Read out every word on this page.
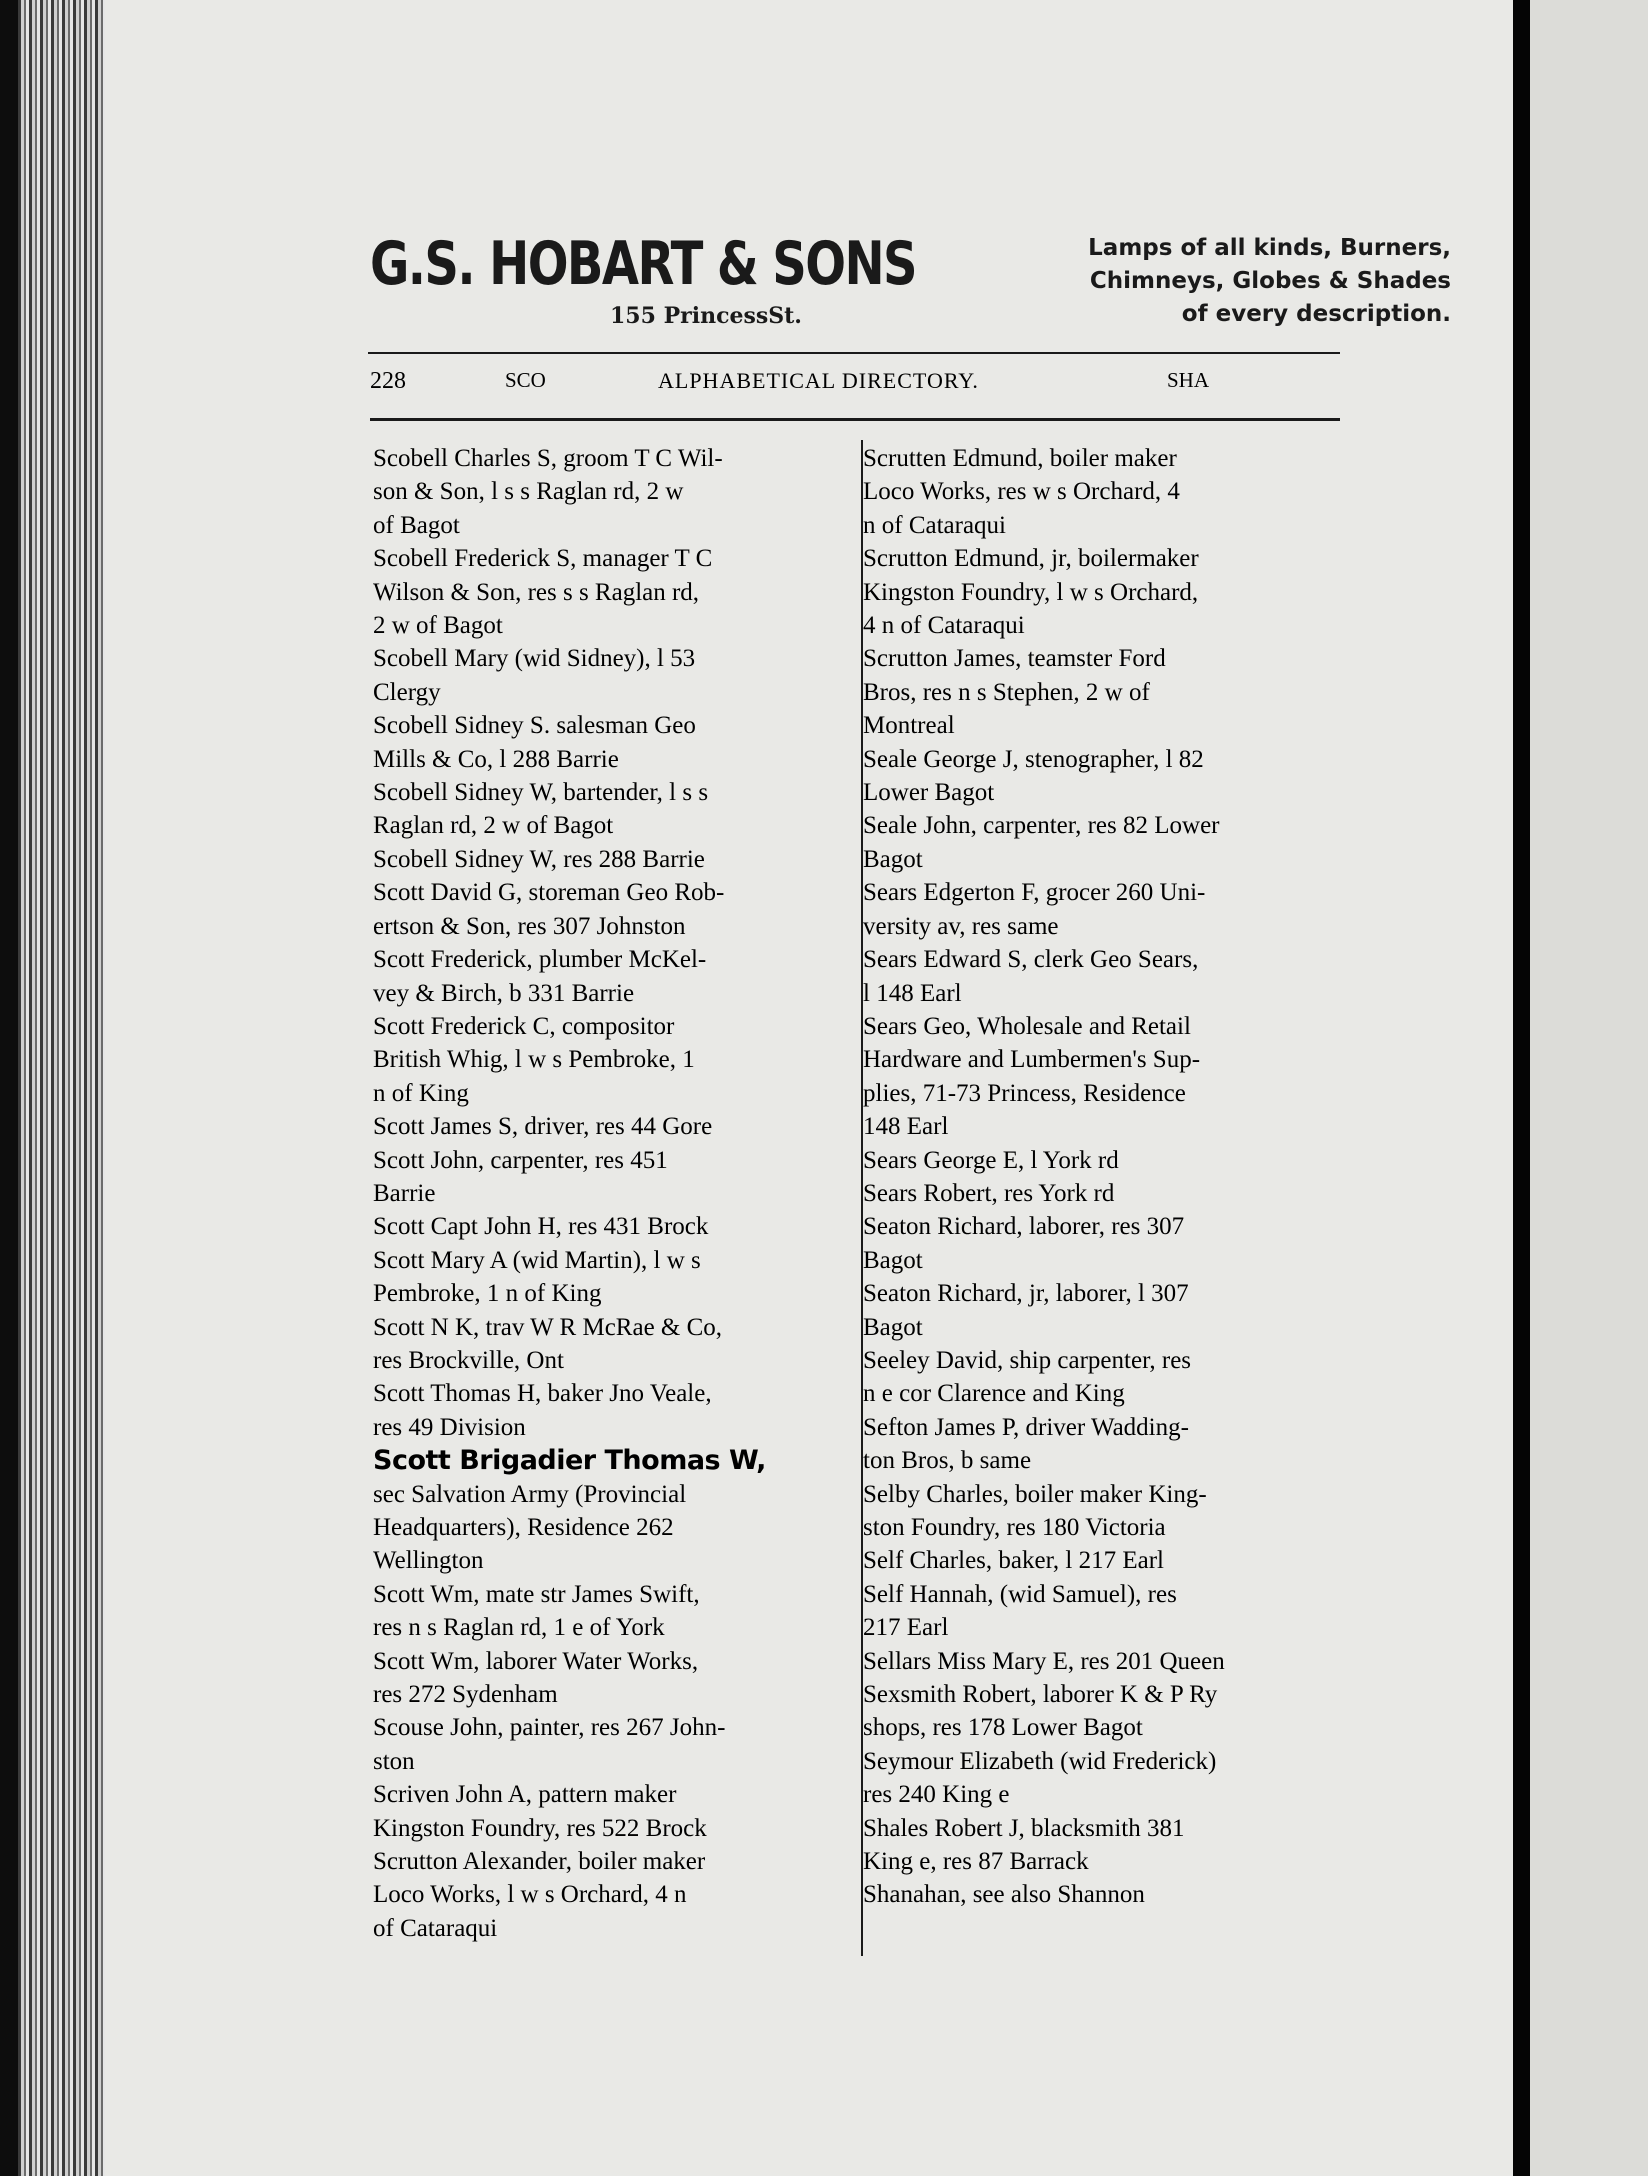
G.S. HOBART & SONS
155 PrincessSt.
Lamps of all kinds, Burners,
Chimneys, Globes & Shades
of every description.
228	SCO	ALPHABETICAL DIRECTORY.	SHA
Scobell Charles S, groom T C Wil-
son & Son, l s s Raglan rd, 2 w
of Bagot
Scobell Frederick S, manager T C
Wilson & Son, res s s Raglan rd,
2 w of Bagot
Scobell Mary (wid Sidney), l 53
Clergy
Scobell Sidney S. salesman Geo
Mills & Co, l 288 Barrie
Scobell Sidney W, bartender, l s s
Raglan rd, 2 w of Bagot
Scobell Sidney W, res 288 Barrie
Scott David G, storeman Geo Rob-
ertson & Son, res 307 Johnston
Scott Frederick, plumber McKel-
vey & Birch, b 331 Barrie
Scott Frederick C, compositor
British Whig, l w s Pembroke, 1
n of King
Scott James S, driver, res 44 Gore
Scott John, carpenter, res 451
Barrie
Scott Capt John H, res 431 Brock
Scott Mary A (wid Martin), l w s
Pembroke, 1 n of King
Scott N K, trav W R McRae & Co,
res Brockville, Ont
Scott Thomas H, baker Jno Veale,
res 49 Division
Scott Brigadier Thomas W,
sec Salvation Army (Provincial
Headquarters), Residence 262
Wellington
Scott Wm, mate str James Swift,
res n s Raglan rd, 1 e of York
Scott Wm, laborer Water Works,
res 272 Sydenham
Scouse John, painter, res 267 John-
ston
Scriven John A, pattern maker
Kingston Foundry, res 522 Brock
Scrutton Alexander, boiler maker
Loco Works, l w s Orchard, 4 n
of Cataraqui
Scrutten Edmund, boiler maker
Loco Works, res w s Orchard, 4
n of Cataraqui
Scrutton Edmund, jr, boilermaker
Kingston Foundry, l w s Orchard,
4 n of Cataraqui
Scrutton James, teamster Ford
Bros, res n s Stephen, 2 w of
Montreal
Seale George J, stenographer, l 82
Lower Bagot
Seale John, carpenter, res 82 Lower
Bagot
Sears Edgerton F, grocer 260 Uni-
versity av, res same
Sears Edward S, clerk Geo Sears,
l 148 Earl
Sears Geo, Wholesale and Retail
Hardware and Lumbermen's Sup-
plies, 71-73 Princess, Residence
148 Earl
Sears George E, l York rd
Sears Robert, res York rd
Seaton Richard, laborer, res 307
Bagot
Seaton Richard, jr, laborer, l 307
Bagot
Seeley David, ship carpenter, res
n e cor Clarence and King
Sefton James P, driver Wadding-
ton Bros, b same
Selby Charles, boiler maker King-
ston Foundry, res 180 Victoria
Self Charles, baker, l 217 Earl
Self Hannah, (wid Samuel), res
217 Earl
Sellars Miss Mary E, res 201 Queen
Sexsmith Robert, laborer K & P Ry
shops, res 178 Lower Bagot
Seymour Elizabeth (wid Frederick)
res 240 King e
Shales Robert J, blacksmith 381
King e, res 87 Barrack
Shanahan, see also Shannon
